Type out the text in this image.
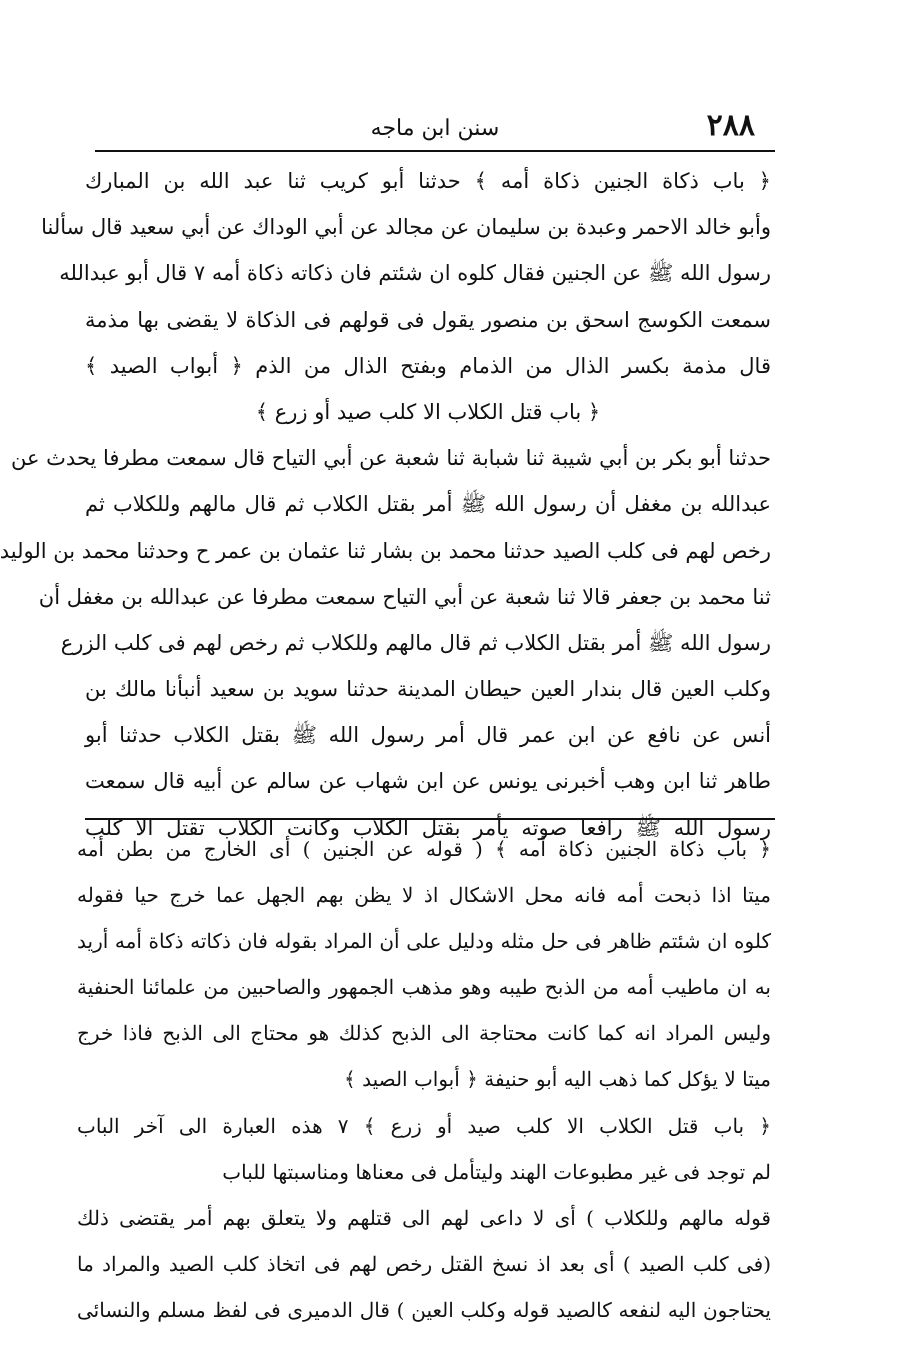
٢٨٨
سنن ابن ماجه
﴿ باب ذكاة الجنين ذكاة أمه ﴾ حدثنا أبو كريب ثنا عبد الله بن المبارك
وأبو خالد الاحمر وعبدة بن سليمان عن مجالد عن أبي الوداك عن أبي سعيد قال سألنا
رسول الله ﷺ عن الجنين فقال كلوه ان شئتم فان ذكاته ذكاة أمه ٧ قال أبو عبدالله
سمعت الكوسج اسحق بن منصور يقول فى قولهم فى الذكاة لا يقضى بها مذمة
قال مذمة بكسر الذال من الذمام وبفتح الذال من الذم ﴿ أبواب الصيد ﴾
﴿ باب قتل الكلاب الا كلب صيد أو زرع ﴾
حدثنا أبو بكر بن أبي شيبة ثنا شبابة ثنا شعبة عن أبي التياح قال سمعت مطرفا يحدث عن
عبدالله بن مغفل أن رسول الله ﷺ أمر بقتل الكلاب ثم قال مالهم وللكلاب ثم
رخص لهم فى كلب الصيد حدثنا محمد بن بشار ثنا عثمان بن عمر ح وحدثنا محمد بن الوليد
ثنا محمد بن جعفر قالا ثنا شعبة عن أبي التياح سمعت مطرفا عن عبدالله بن مغفل أن
رسول الله ﷺ أمر بقتل الكلاب ثم قال مالهم وللكلاب ثم رخص لهم فى كلب الزرع
وكلب العين قال بندار العين حيطان المدينة حدثنا سويد بن سعيد أنبأنا مالك بن
أنس عن نافع عن ابن عمر قال أمر رسول الله ﷺ بقتل الكلاب حدثنا أبو
طاهر ثنا ابن وهب أخبرنى يونس عن ابن شهاب عن سالم عن أبيه قال سمعت
رسول الله ﷺ رافعا صوته يأمر بقتل الكلاب وكانت الكلاب تقتل الا كلب
﴿ باب ذكاة الجنين ذكاة أمه ﴾ ( قوله عن الجنين ) أى الخارج من بطن أمه
ميتا اذا ذبحت أمه فانه محل الاشكال اذ لا يظن بهم الجهل عما خرج حيا فقوله
كلوه ان شئتم ظاهر فى حل مثله ودليل على أن المراد بقوله فان ذكاته ذكاة أمه أريد
به ان ماطيب أمه من الذبح طيبه وهو مذهب الجمهور والصاحبين من علمائنا الحنفية
وليس المراد انه كما كانت محتاجة الى الذبح كذلك هو محتاج الى الذبح فاذا خرج
ميتا لا يؤكل كما ذهب اليه أبو حنيفة ﴿ أبواب الصيد ﴾
﴿ باب قتل الكلاب الا كلب صيد أو زرع ﴾ ٧ هذه العبارة الى آخر الباب
لم توجد فى غير مطبوعات الهند وليتأمل فى معناها ومناسبتها للباب
قوله مالهم وللكلاب ) أى لا داعى لهم الى قتلهم ولا يتعلق بهم أمر يقتضى ذلك
(فى كلب الصيد ) أى بعد اذ نسخ القتل رخص لهم فى اتخاذ كلب الصيد والمراد ما
يحتاجون اليه لنفعه كالصيد قوله وكلب العين ) قال الدميرى فى لفظ مسلم والنسائى
